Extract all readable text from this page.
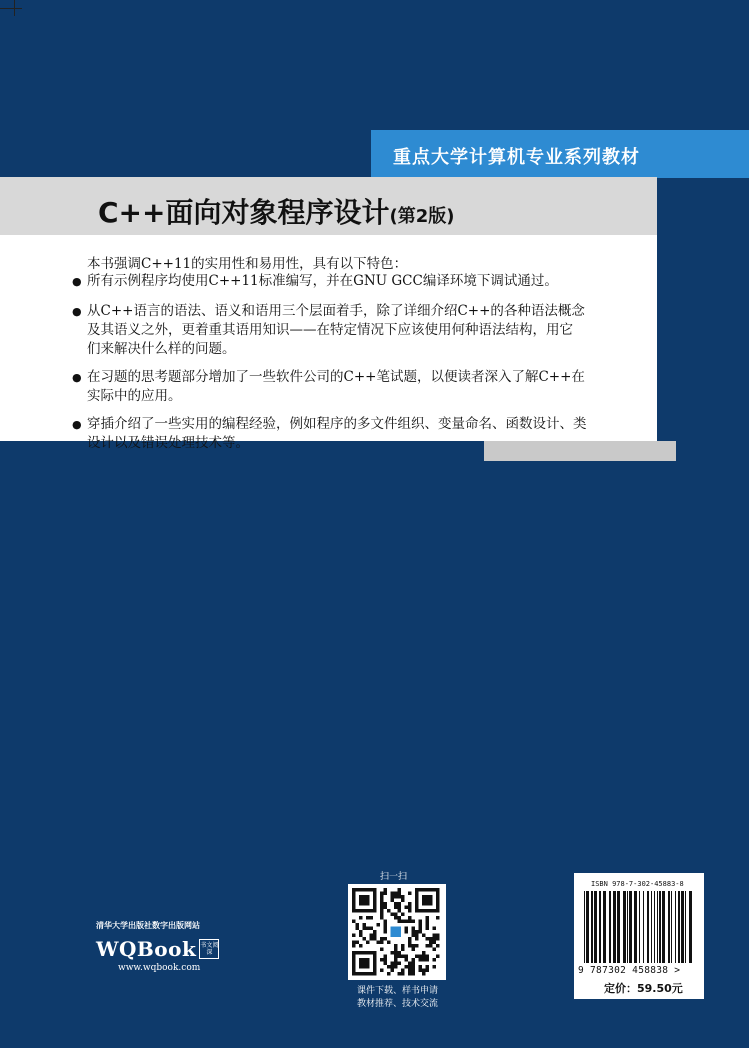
重点大学计算机专业系列教材
C++面向对象程序设计(第2版)
本书强调C++11的实用性和易用性，具有以下特色：
● 所有示例程序均使用C++11标准编写，并在GNU GCC编译环境下调试通过。
● 从C++语言的语法、语义和语用三个层面着手，除了详细介绍C++的各种语法概念
及其语义之外，更着重其语用知识——在特定情况下应该使用何种语法结构，用它
们来解决什么样的问题。
● 在习题的思考题部分增加了一些软件公司的C++笔试题，以便读者深入了解C++在
实际中的应用。
● 穿插介绍了一些实用的编程经验，例如程序的多文件组织、变量命名、函数设计、类
设计以及错误处理技术等。
清华大学出版社数字出版网站
WQBook 书文阅深
www.wqbook.com
扫一扫
课件下载、样书申请
教材推荐、技术交流
ISBN 978-7-302-45883-8
9 787302 458838 >
定价：59.50元
